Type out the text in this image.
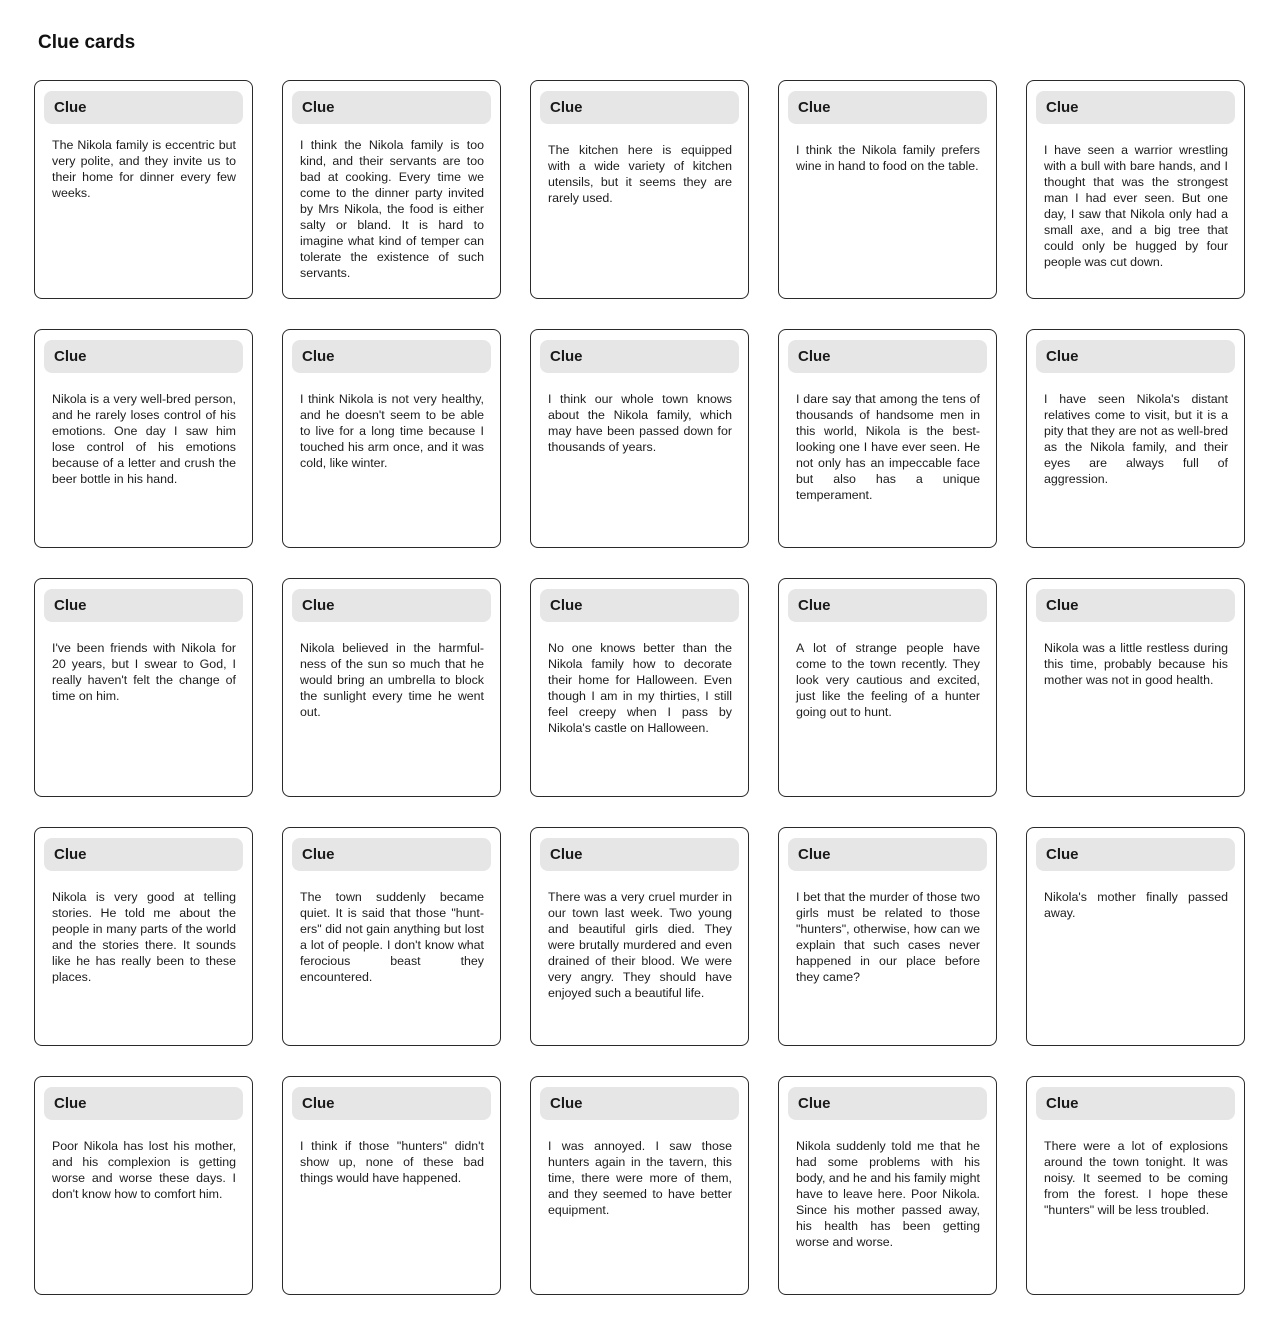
Clue cards
Clue
The Nikola family is eccentric but very polite, and they invite us to their home for dinner every few weeks.
Clue
I think the Nikola family is too kind, and their servants are too bad at cooking. Every time we come to the dinner party invited by Mrs Nikola, the food is either salty or bland. It is hard to imagine what kind of temper can tolerate the existence of such servants.
Clue
The kitchen here is equipped with a wide variety of kitchen utensils, but it seems they are rarely used.
Clue
I think the Nikola family prefers wine in hand to food on the table.
Clue
I have seen a warrior wrestling with a bull with bare hands, and I thought that was the strongest man I had ever seen. But one day, I saw that Nikola only had a small axe, and a big tree that could only be hugged by four people was cut down.
Clue
Nikola is a very well-bred person, and he rarely loses control of his emotions. One day I saw him lose control of his emotions because of a letter and crush the beer bottle in his hand.
Clue
I think Nikola is not very healthy, and he doesn't seem to be able to live for a long time because I touched his arm once, and it was cold, like winter.
Clue
I think our whole town knows about the Nikola family, which may have been passed down for thousands of years.
Clue
I dare say that among the tens of thousands of handsome men in this world, Nikola is the best-looking one I have ever seen. He not only has an impeccable face but also has a unique temperament.
Clue
I have seen Nikola's distant relatives come to visit, but it is a pity that they are not as well-bred as the Nikola family, and their eyes are always full of aggression.
Clue
I've been friends with Nikola for 20 years, but I swear to God, I really haven't felt the change of time on him.
Clue
Nikola believed in the harmfulness of the sun so much that he would bring an umbrella to block the sunlight every time he went out.
Clue
No one knows better than the Nikola family how to decorate their home for Halloween. Even though I am in my thirties, I still feel creepy when I pass by Nikola's castle on Halloween.
Clue
A lot of strange people have come to the town recently. They look very cautious and excited, just like the feeling of a hunter going out to hunt.
Clue
Nikola was a little restless during this time, probably because his mother was not in good health.
Clue
Nikola is very good at telling stories. He told me about the people in many parts of the world and the stories there. It sounds like he has really been to these places.
Clue
The town suddenly became quiet. It is said that those "hunters" did not gain anything but lost a lot of people. I don't know what ferocious beast they encountered.
Clue
There was a very cruel murder in our town last week. Two young and beautiful girls died. They were brutally murdered and even drained of their blood. We were very angry. They should have enjoyed such a beautiful life.
Clue
I bet that the murder of those two girls must be related to those "hunters", otherwise, how can we explain that such cases never happened in our place before they came?
Clue
Nikola's mother finally passed away.
Clue
Poor Nikola has lost his mother, and his complexion is getting worse and worse these days. I don't know how to comfort him.
Clue
I think if those "hunters" didn't show up, none of these bad things would have happened.
Clue
I was annoyed. I saw those hunters again in the tavern, this time, there were more of them, and they seemed to have better equipment.
Clue
Nikola suddenly told me that he had some problems with his body, and he and his family might have to leave here. Poor Nikola. Since his mother passed away, his health has been getting worse and worse.
Clue
There were a lot of explosions around the town tonight. It was noisy. It seemed to be coming from the forest. I hope these "hunters" will be less troubled.
